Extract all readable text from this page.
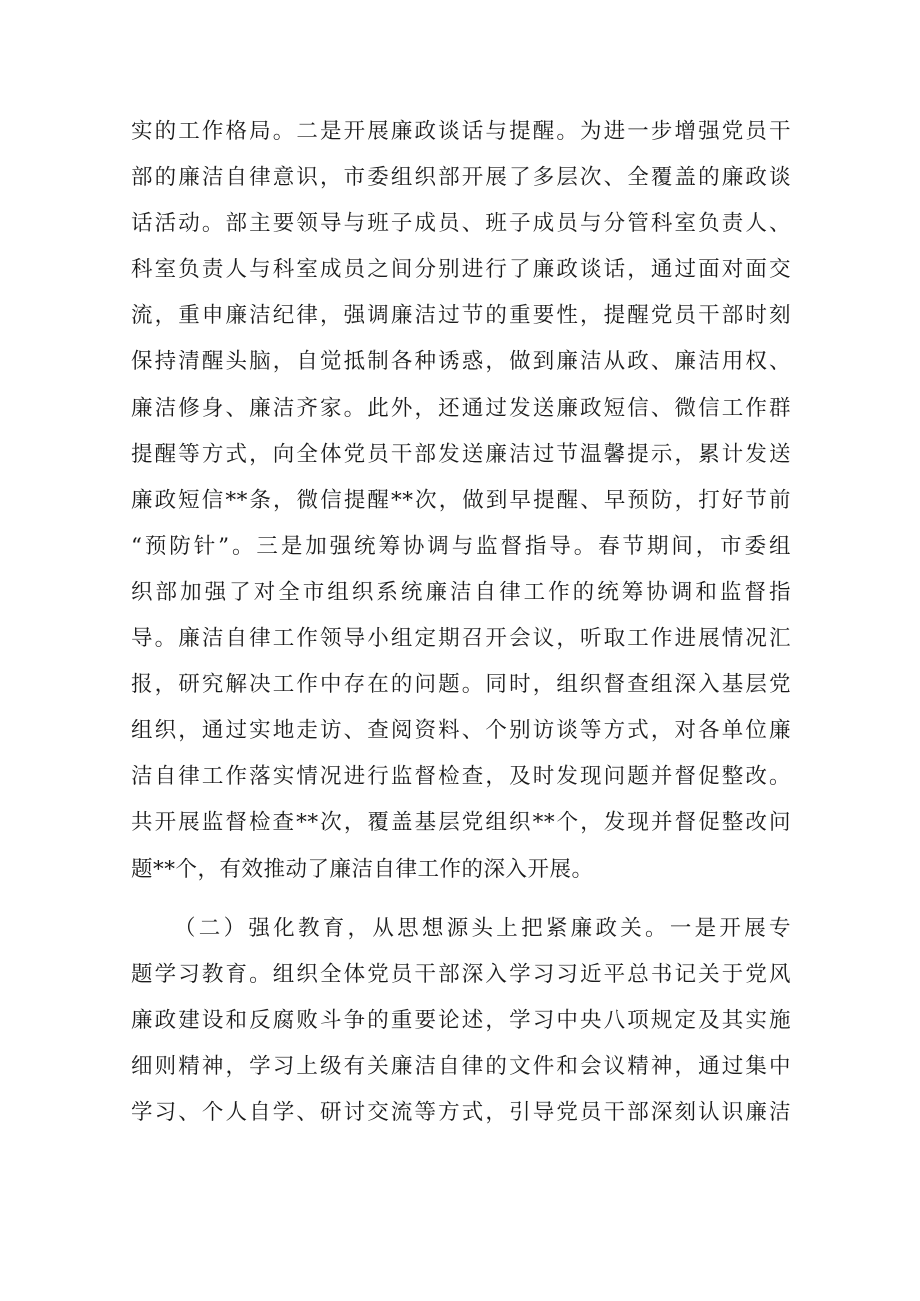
实的工作格局。二是开展廉政谈话与提醒。为进一步增强党员干
部的廉洁自律意识，市委组织部开展了多层次、全覆盖的廉政谈
话活动。部主要领导与班子成员、班子成员与分管科室负责人、
科室负责人与科室成员之间分别进行了廉政谈话，通过面对面交
流，重申廉洁纪律，强调廉洁过节的重要性，提醒党员干部时刻
保持清醒头脑，自觉抵制各种诱惑，做到廉洁从政、廉洁用权、
廉洁修身、廉洁齐家。此外，还通过发送廉政短信、微信工作群
提醒等方式，向全体党员干部发送廉洁过节温馨提示，累计发送
廉政短信**条，微信提醒**次，做到早提醒、早预防，打好节前
“预防针”。三是加强统筹协调与监督指导。春节期间，市委组
织部加强了对全市组织系统廉洁自律工作的统筹协调和监督指
导。廉洁自律工作领导小组定期召开会议，听取工作进展情况汇
报，研究解决工作中存在的问题。同时，组织督查组深入基层党
组织，通过实地走访、查阅资料、个别访谈等方式，对各单位廉
洁自律工作落实情况进行监督检查，及时发现问题并督促整改。
共开展监督检查**次，覆盖基层党组织**个，发现并督促整改问
题**个，有效推动了廉洁自律工作的深入开展。
（二）强化教育，从思想源头上把紧廉政关。一是开展专
题学习教育。组织全体党员干部深入学习习近平总书记关于党风
廉政建设和反腐败斗争的重要论述，学习中央八项规定及其实施
细则精神，学习上级有关廉洁自律的文件和会议精神，通过集中
学习、个人自学、研讨交流等方式，引导党员干部深刻认识廉洁
